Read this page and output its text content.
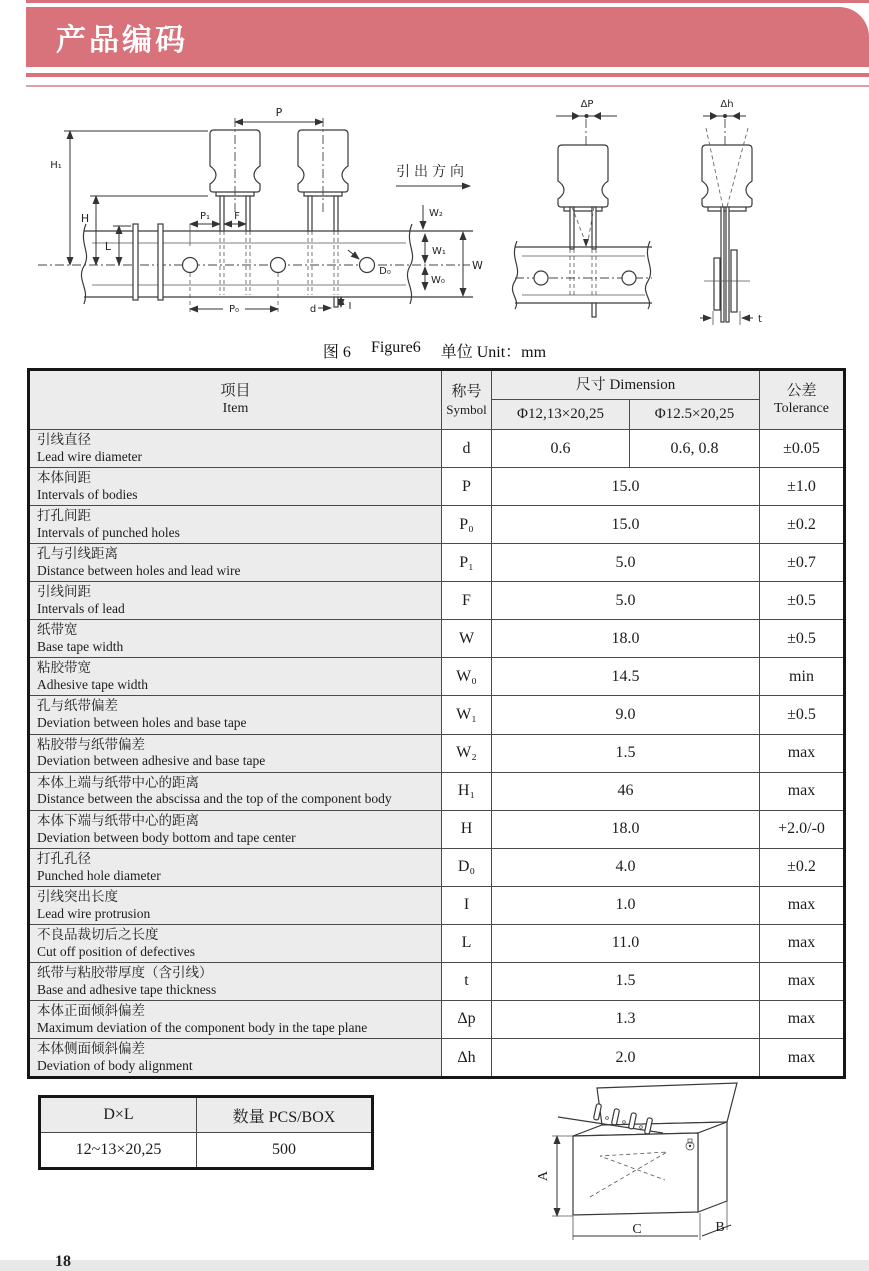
产品编码
P
H₁
H
L
P₁ F	W₂
W₁
W₀
W
P₀	d	I
D₀
引出方向
ΔP	Δh
t
图 6 Figure6 单位 Unit：mm
项目
Item

称号
Symbol
	尺寸 Dimension	公差
Tolerance

		Φ12,13×20,25	Φ12.5×20,25	

引线直径
Lead wire diameter	d	0.6	0.6, 0.8	±0.05

本体间距
Intervals of bodies	P	15.0		±1.0

打孔间距
Intervals of punched holes	P₀	15.0		±0.2

孔与引线距离
Distance between holes and lead wire	P₁	5.0		±0.7

引线间距
Intervals of lead	F	5.0		±0.5

纸带宽
Base tape width	W	18.0		±0.5

粘胶带宽
Adhesive tape width	W₀	14.5		min

孔与纸带偏差
Deviation between holes and base tape	W₁	9.0		±0.5

粘胶带与纸带偏差
Deviation between adhesive and base tape	W₂	1.5		max

本体上端与纸带中心的距离
Distance between the abscissa and the top of the component body	H₁	46		max

本体下端与纸带中心的距离
Deviation between body bottom and tape center	H	18.0		+2.0/-0

打孔孔径
Punched hole diameter	D₀	4.0		±0.2

引线突出长度
Lead wire protrusion	I	1.0		max

不良品裁切后之长度
Cut off position of defectives	L	11.0		max

纸带与粘胶带厚度（含引线）
Base and adhesive tape thickness	t	1.5		max

本体正面倾斜偏差
Maximum deviation of the component body in the tape plane	Δp	1.3		max

本体侧面倾斜偏差
Deviation of body alignment	Δh	2.0		max
D×L	数量 PCS/BOX
12~13×20,25	500
A
C	B
18
